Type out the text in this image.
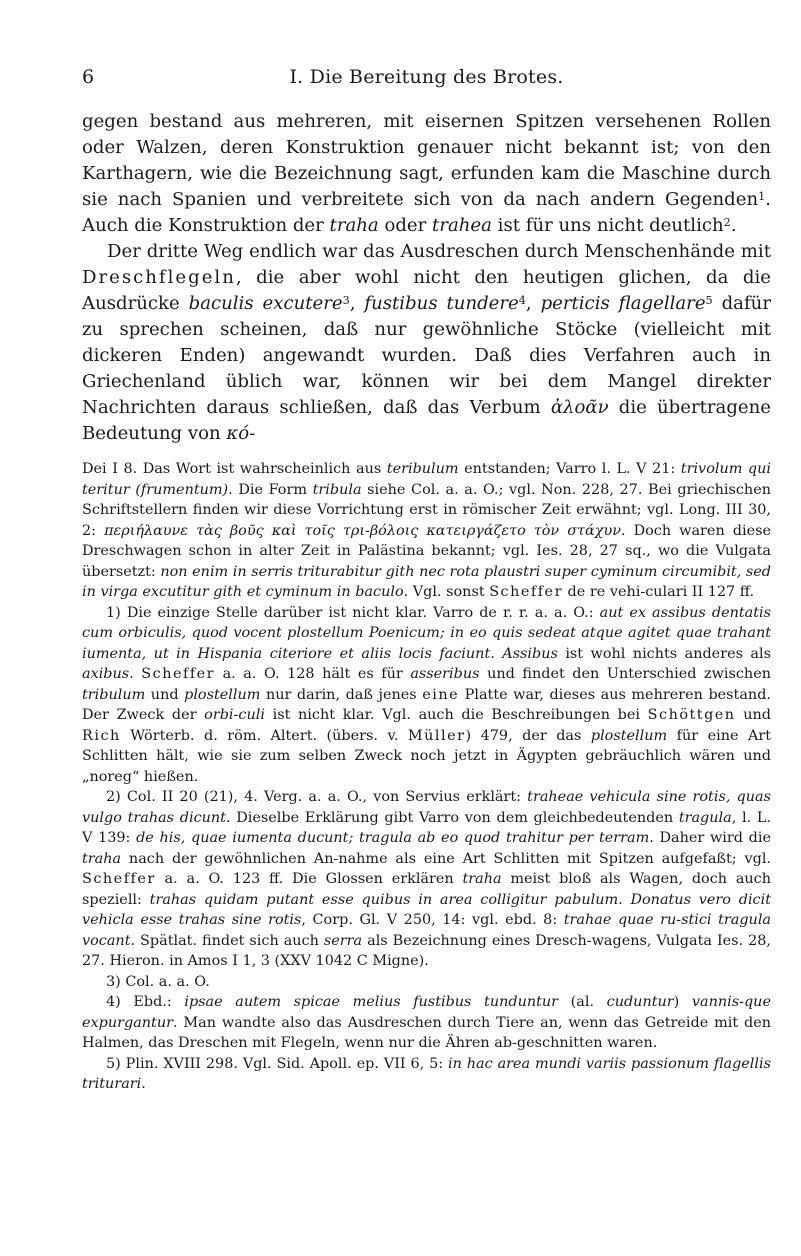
6	I. Die Bereitung des Brotes.

gegen bestand aus mehreren, mit eisernen Spitzen versehenen Rollen oder Walzen, deren Konstruktion genauer nicht bekannt ist; von den Karthagern, wie die Bezeichnung sagt, erfunden kam die Maschine durch sie nach Spanien und verbreitete sich von da nach andern Gegenden$^1$. Auch die Konstruktion der traha oder trahea ist für uns nicht deutlich$^2$.

Der dritte Weg endlich war das Ausdreschen durch Menschenhände mit Dreschflegeln, die aber wohl nicht den heutigen glichen, da die Ausdrücke baculis excutere$^3$, fustibus tundere$^4$, perticis flagellare$^5$ dafür zu sprechen scheinen, daß nur gewöhnliche Stöcke (vielleicht mit dickeren Enden) angewandt wurden. Daß dies Verfahren auch in Griechenland üblich war, können wir bei dem Mangel direkter Nachrichten daraus schließen, daß das Verbum ἀλοᾶν die übertragene Bedeutung von κό-

Dei I 8. Das Wort ist wahrscheinlich aus teribulum entstanden; Varro l. L. V 21: trivolum qui teritur (frumentum). Die Form tribula siehe Col. a. a. O.; vgl. Non. 228, 27. Bei griechischen Schriftstellern finden wir diese Vorrichtung erst in römischer Zeit erwähnt; vgl. Long. III 30, 2: περιήλαυνε τὰς βοῦς καὶ τοῖς τρι-βόλοις κατειργάζετο τὸν στάχυν. Doch waren diese Dreschwagen schon in alter Zeit in Palästina bekannt; vgl. Ies. 28, 27 sq., wo die Vulgata übersetzt: non enim in serris triturabitur gith nec rota plaustri super cyminum circumibit, sed in virga excutitur gith et cyminum in baculo. Vgl. sonst Scheffer de re vehi-culari II 127 ff.

1) Die einzige Stelle darüber ist nicht klar. Varro de r. r. a. a. O.: aut ex assibus dentatis cum orbiculis, quod vocent plostellum Poenicum; in eo quis sedeat atque agitet quae trahant iumenta, ut in Hispania citeriore et aliis locis faciunt. Assibus ist wohl nichts anderes als axibus. Scheffer a. a. O. 128 hält es für asseribus und findet den Unterschied zwischen tribulum und plostellum nur darin, daß jenes eine Platte war, dieses aus mehreren bestand. Der Zweck der orbi-culi ist nicht klar. Vgl. auch die Beschreibungen bei Schöttgen und Rich Wörterb. d. röm. Altert. (übers. v. Müller) 479, der das plostellum für eine Art Schlitten hält, wie sie zum selben Zweck noch jetzt in Ägypten gebräuchlich wären und „noreg“ hießen.

2) Col. II 20 (21), 4. Verg. a. a. O., von Servius erklärt: traheae vehicula sine rotis, quas vulgo trahas dicunt. Dieselbe Erklärung gibt Varro von dem gleichbedeutenden tragula, l. L. V 139: de his, quae iumenta ducunt; tragula ab eo quod trahitur per terram. Daher wird die traha nach der gewöhnlichen An-nahme als eine Art Schlitten mit Spitzen aufgefaßt; vgl. Scheffer a. a. O. 123 ff. Die Glossen erklären traha meist bloß als Wagen, doch auch speziell: trahas quidam putant esse quibus in area colligitur pabulum. Donatus vero dicit vehicla esse trahas sine rotis, Corp. Gl. V 250, 14: vgl. ebd. 8: trahae quae ru-stici tragula vocant. Spätlat. findet sich auch serra als Bezeichnung eines Dresch-wagens, Vulgata Ies. 28, 27. Hieron. in Amos I 1, 3 (XXV 1042 C Migne).

3) Col. a. a. O.

4) Ebd.: ipsae autem spicae melius fustibus tunduntur (al. cuduntur) vannis-que expurgantur. Man wandte also das Ausdreschen durch Tiere an, wenn das Getreide mit den Halmen, das Dreschen mit Flegeln, wenn nur die Ähren ab-geschnitten waren.

5) Plin. XVIII 298. Vgl. Sid. Apoll. ep. VII 6, 5: in hac area mundi variis passionum flagellis triturari.
